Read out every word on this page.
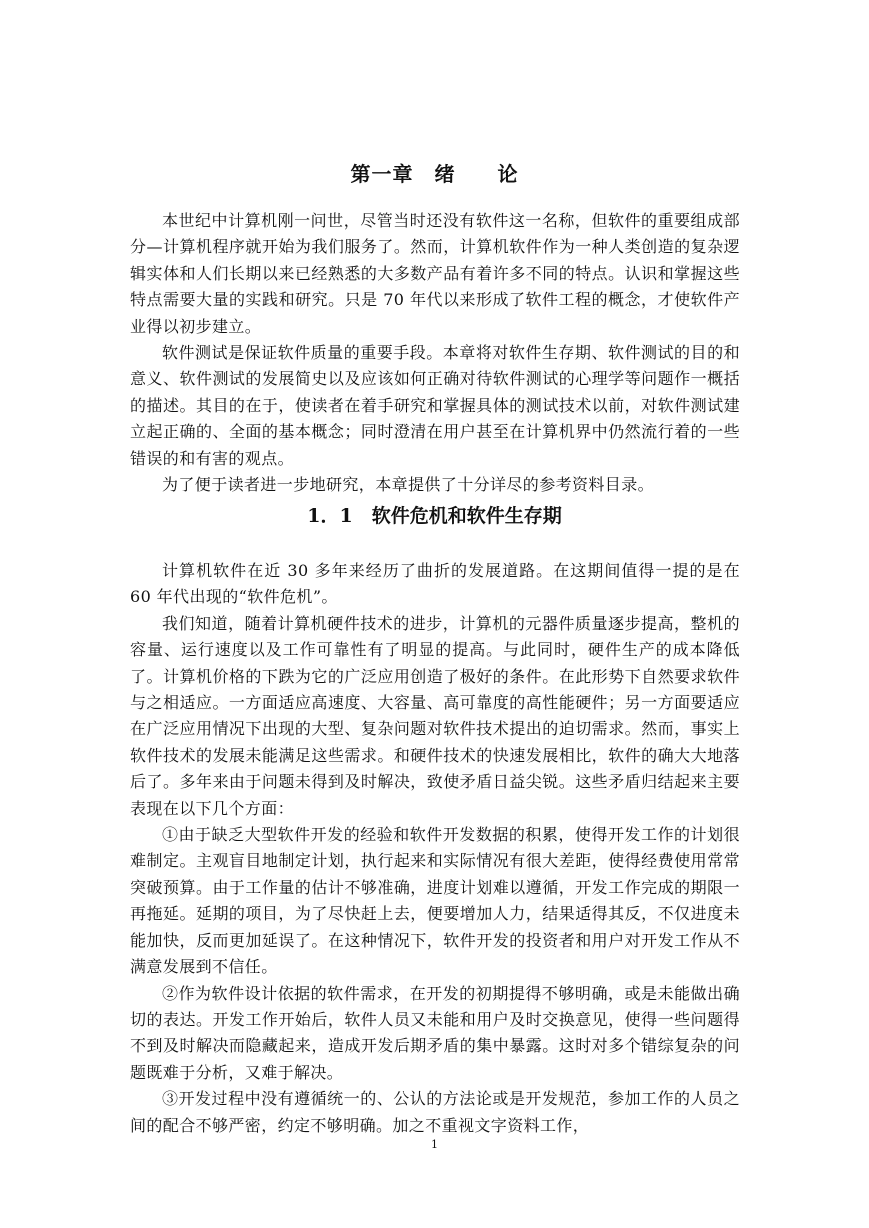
第一章　绪　　论

本世纪中计算机刚一问世，尽管当时还没有软件这一名称，但软件的重要组成部分—计算机程序就开始为我们服务了。然而，计算机软件作为一种人类创造的复杂逻辑实体和人们长期以来已经熟悉的大多数产品有着许多不同的特点。认识和掌握这些特点需要大量的实践和研究。只是 70 年代以来形成了软件工程的概念，才使软件产业得以初步建立。

软件测试是保证软件质量的重要手段。本章将对软件生存期、软件测试的目的和意义、软件测试的发展简史以及应该如何正确对待软件测试的心理学等问题作一概括的描述。其目的在于，使读者在着手研究和掌握具体的测试技术以前，对软件测试建立起正确的、全面的基本概念；同时澄清在用户甚至在计算机界中仍然流行着的一些错误的和有害的观点。

为了便于读者进一步地研究，本章提供了十分详尽的参考资料目录。

1．1　软件危机和软件生存期

计算机软件在近 30 多年来经历了曲折的发展道路。在这期间值得一提的是在 60 年代出现的“软件危机”。

我们知道，随着计算机硬件技术的进步，计算机的元器件质量逐步提高，整机的容量、运行速度以及工作可靠性有了明显的提高。与此同时，硬件生产的成本降低了。计算机价格的下跌为它的广泛应用创造了极好的条件。在此形势下自然要求软件与之相适应。一方面适应高速度、大容量、高可靠度的高性能硬件；另一方面要适应在广泛应用情况下出现的大型、复杂问题对软件技术提出的迫切需求。然而，事实上软件技术的发展未能满足这些需求。和硬件技术的快速发展相比，软件的确大大地落后了。多年来由于问题未得到及时解决，致使矛盾日益尖锐。这些矛盾归结起来主要表现在以下几个方面：

①由于缺乏大型软件开发的经验和软件开发数据的积累，使得开发工作的计划很难制定。主观盲目地制定计划，执行起来和实际情况有很大差距，使得经费使用常常突破预算。由于工作量的估计不够准确，进度计划难以遵循，开发工作完成的期限一再拖延。延期的项目，为了尽快赶上去，便要增加人力，结果适得其反，不仅进度未能加快，反而更加延误了。在这种情况下，软件开发的投资者和用户对开发工作从不满意发展到不信任。

②作为软件设计依据的软件需求，在开发的初期提得不够明确，或是未能做出确切的表达。开发工作开始后，软件人员又未能和用户及时交换意见，使得一些问题得不到及时解决而隐藏起来，造成开发后期矛盾的集中暴露。这时对多个错综复杂的问题既难于分析，又难于解决。

③开发过程中没有遵循统一的、公认的方法论或是开发规范，参加工作的人员之间的配合不够严密，约定不够明确。加之不重视文字资料工作，

1
